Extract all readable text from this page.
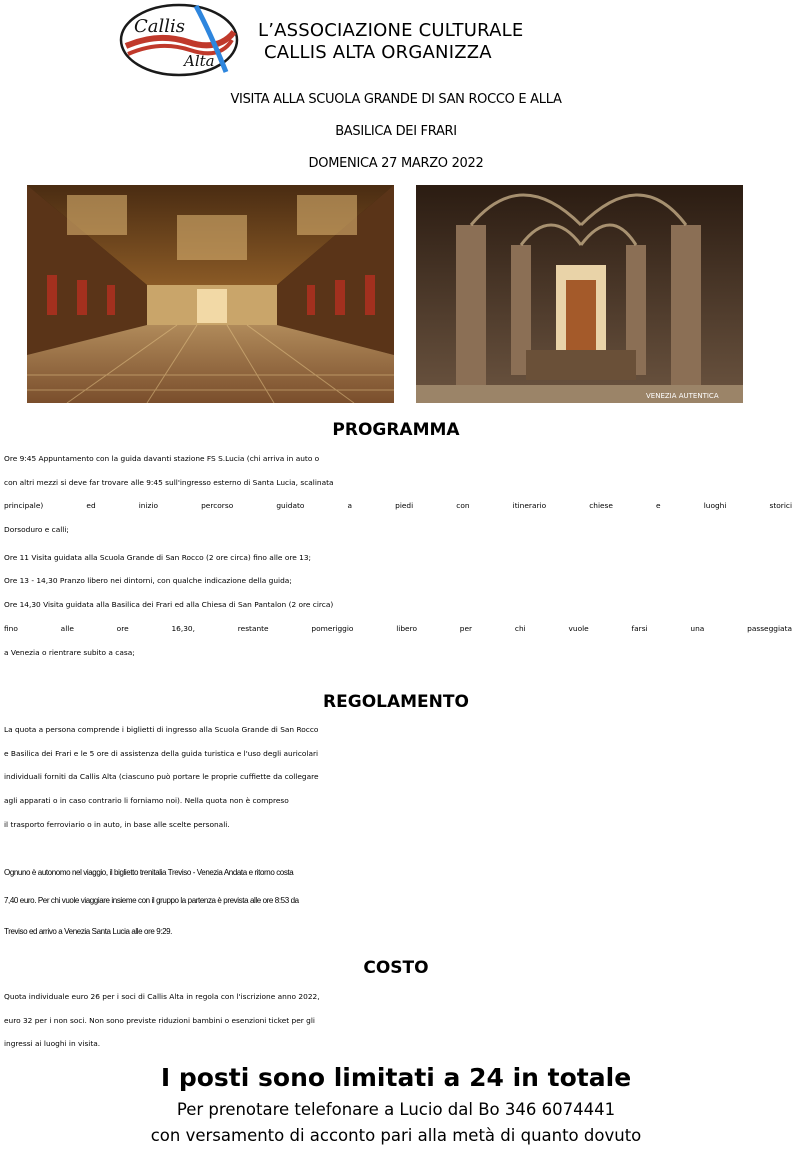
Callis
Alta
L’ASSOCIAZIONE CULTURALE
CALLIS ALTA ORGANIZZA
VISITA ALLA SCUOLA GRANDE DI SAN ROCCO E ALLA
BASILICA DEI FRARI
DOMENICA 27 MARZO 2022
VENEZIA AUTENTICA
PROGRAMMA
Ore 9:45 Appuntamento con la guida davanti stazione FS S.Lucia (chi arriva in auto o
con altri mezzi si deve far trovare alle 9:45 sull'ingresso esterno di Santa Lucia, scalinata
principale) ed inizio percorso guidato a piedi con itinerario chiese e luoghi storici
Dorsoduro e calli;
Ore 11 Visita guidata alla Scuola Grande di San Rocco (2 ore circa) fino alle ore 13;
Ore 13 - 14,30 Pranzo libero nei dintorni, con qualche indicazione della guida;
Ore 14,30 Visita guidata alla Basilica dei Frari ed alla Chiesa di San Pantalon (2 ore circa)
fino alle ore 16,30, restante pomeriggio libero per chi vuole farsi una passeggiata
a Venezia o rientrare subito a casa;
REGOLAMENTO
La quota a persona comprende i biglietti di ingresso alla Scuola Grande di San Rocco
e Basilica dei Frari e le 5 ore di assistenza della guida turistica e l'uso degli auricolari
individuali forniti da Callis Alta (ciascuno può portare le proprie cuffiette da collegare
agli apparati o in caso contrario li forniamo noi). Nella quota non è compreso
il trasporto ferroviario o in auto, in base alle scelte personali.
Ognuno è autonomo nel viaggio, il biglietto trenitalia Treviso - Venezia Andata e ritorno costa
7,40 euro. Per chi vuole viaggiare insieme con il gruppo la partenza è prevista alle ore 8:53 da
Treviso ed arrivo a Venezia Santa Lucia alle ore 9:29.
COSTO
Quota individuale euro 26 per i soci di Callis Alta in regola con l'iscrizione anno 2022,
euro 32 per i non soci. Non sono previste riduzioni bambini o esenzioni ticket per gli
ingressi ai luoghi in visita.
I posti sono limitati a 24 in totale
Per prenotare telefonare a Lucio dal Bo 346 6074441
con versamento di acconto pari alla metà di quanto dovuto
